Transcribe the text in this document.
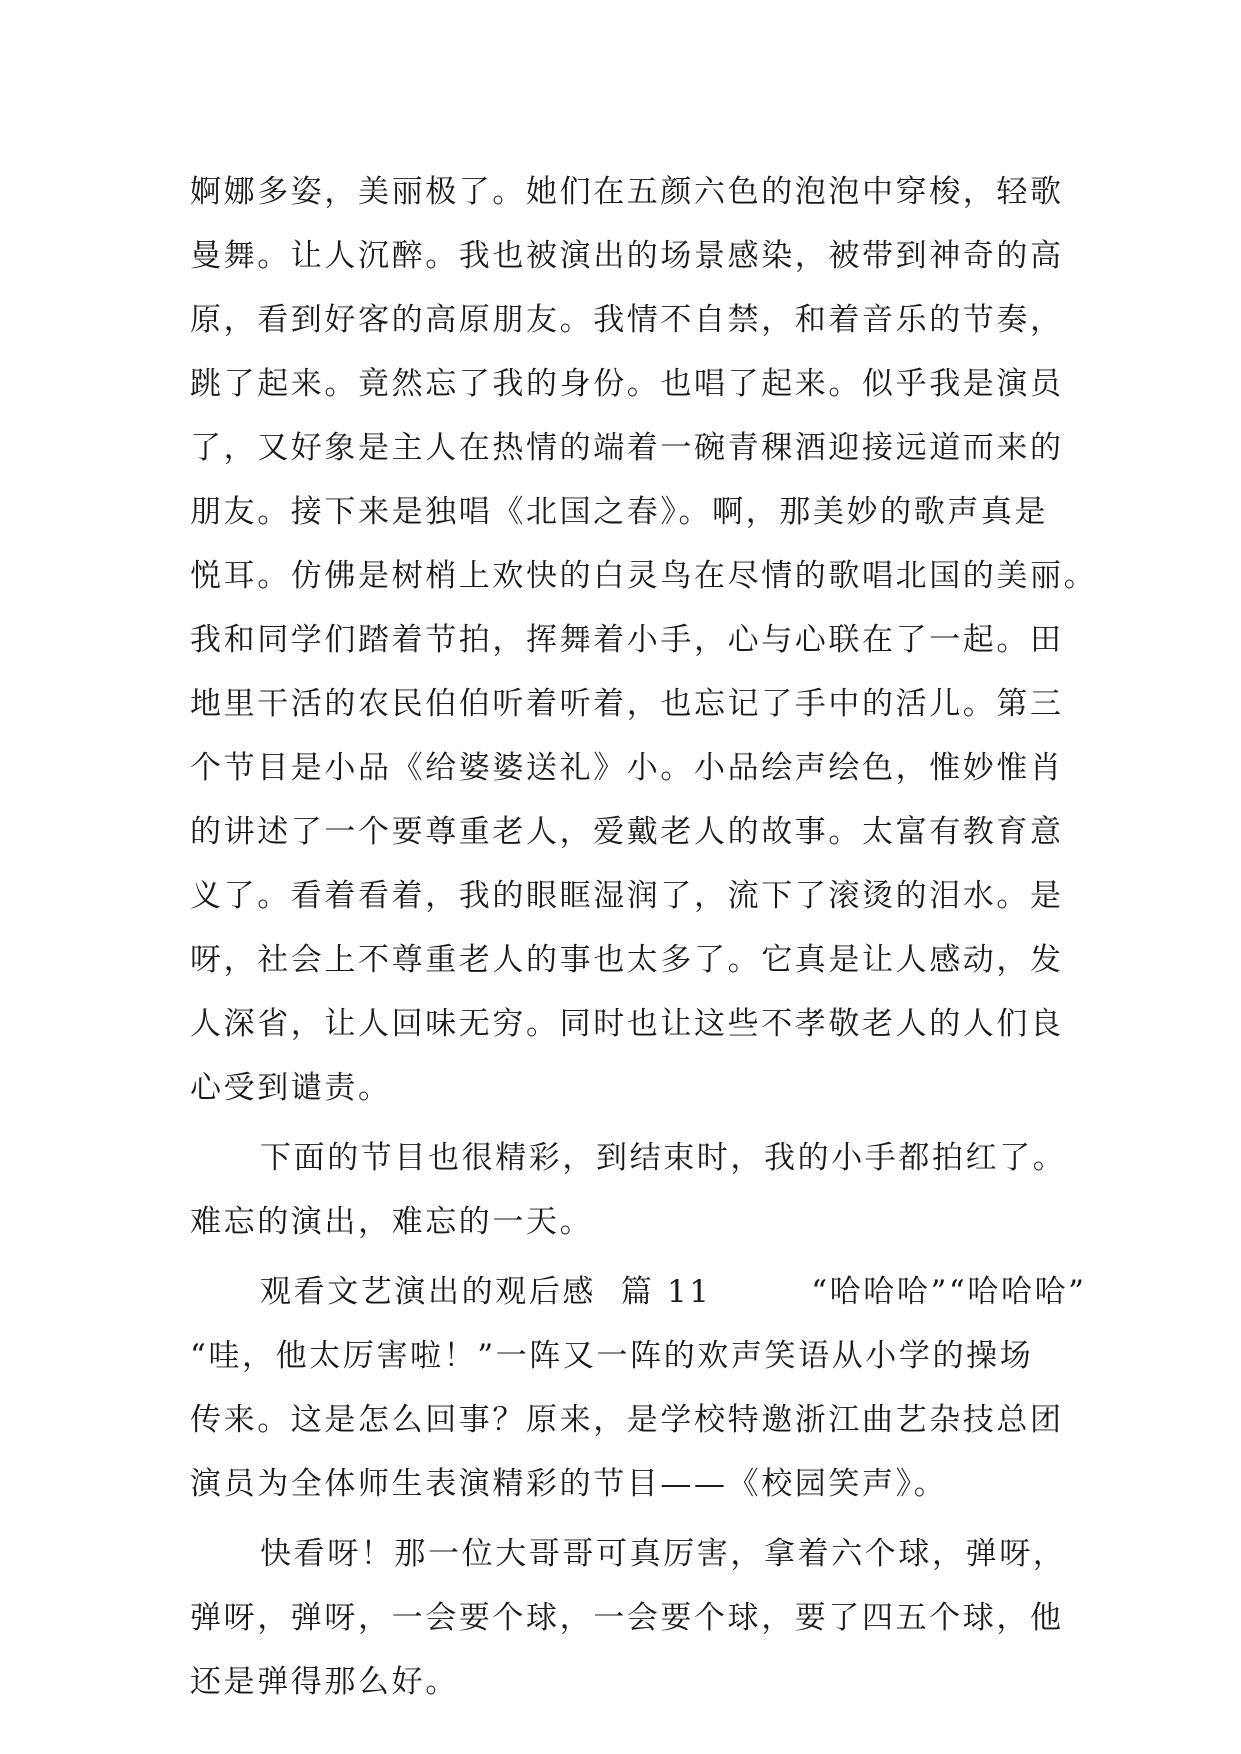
婀娜多姿，美丽极了。她们在五颜六色的泡泡中穿梭，轻歌
曼舞。让人沉醉。我也被演出的场景感染，被带到神奇的高
原，看到好客的高原朋友。我情不自禁，和着音乐的节奏，
跳了起来。竟然忘了我的身份。也唱了起来。似乎我是演员
了，又好象是主人在热情的端着一碗青稞酒迎接远道而来的
朋友。接下来是独唱《北国之春》。啊，那美妙的歌声真是
悦耳。仿佛是树梢上欢快的白灵鸟在尽情的歌唱北国的美丽。
我和同学们踏着节拍，挥舞着小手，心与心联在了一起。田
地里干活的农民伯伯听着听着，也忘记了手中的活儿。第三
个节目是小品《给婆婆送礼》小。小品绘声绘色，惟妙惟肖
的讲述了一个要尊重老人，爱戴老人的故事。太富有教育意
义了。看着看着，我的眼眶湿润了，流下了滚烫的泪水。是
呀，社会上不尊重老人的事也太多了。它真是让人感动，发
人深省，让人回味无穷。同时也让这些不孝敬老人的人们良
心受到谴责。
下面的节目也很精彩，到结束时，我的小手都拍红了。
难忘的演出，难忘的一天。
观看文艺演出的观后感  篇 11        “哈哈哈”“哈哈哈”
“哇，他太厉害啦！”一阵又一阵的欢声笑语从小学的操场
传来。这是怎么回事？原来，是学校特邀浙江曲艺杂技总团
演员为全体师生表演精彩的节目——《校园笑声》。
快看呀！那一位大哥哥可真厉害，拿着六个球，弹呀，
弹呀，弹呀，一会要个球，一会要个球，要了四五个球，他
还是弹得那么好。
